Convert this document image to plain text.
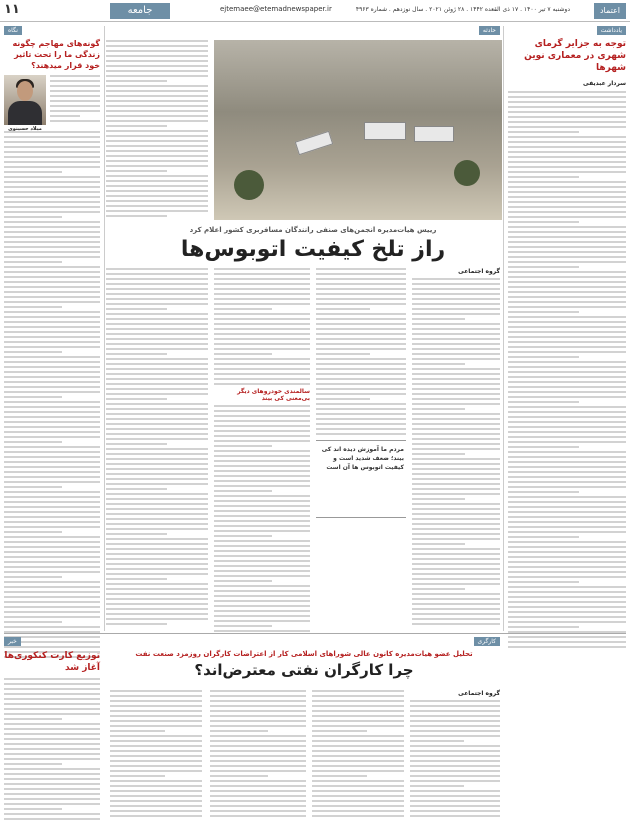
۱۱	جامعه	ejtemaee@etemadnewspaper.ir	دوشنبه ۷ تیر ۱۴۰۰ . ۱۷ ذی القعده ۱۴۴۲ . ۲۸ ژوئن ۲۰۲۱ . سال نوزدهم . شماره ۴۹۶۳	اعتماد
یادداشت
توجه به جزایر گرمای شهری در معماری نوین شهرها
سردار عبدیفی
حادثه
رییس هیات‌مدیره انجمن‌های صنفی رانندگان مسافربری کشور اعلام کرد
راز تلخ کیفیت اتوبوس‌ها
گروه اجتماعی
مردم ما آموزش دیده اند کی بیند؛ ضعف شدید است و کیفیت اتوبوس ها آن است
سالمندی خودروهای دیگر بی‌معنی کی بیند
نگاه
گونه‌های مهاجم چگونه زندگی ما را تحت تاثیر خود قرار میدهند؟
میلاد حسینوی
کارگری
تحلیل عضو هیات‌مدیره کانون عالی شوراهای اسلامی کار از اعتراضات کارگران روزمزد صنعت نفت
چرا کارگران نفتی معترض‌اند؟
گروه اجتماعی
خبر
توزیع کارت کنکوری‌ها آغاز شد
